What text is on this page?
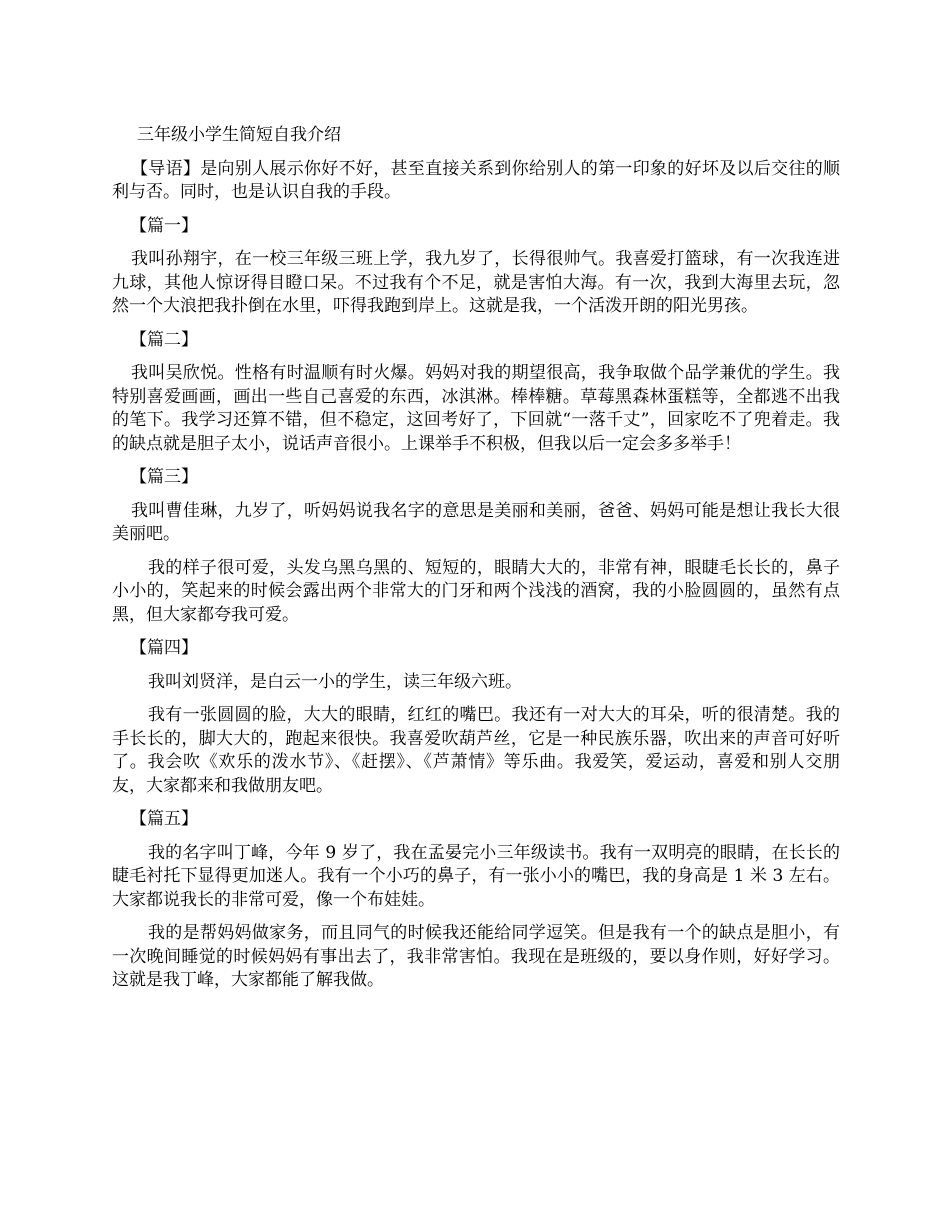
三年级小学生简短自我介绍

【导语】是向别人展示你好不好，甚至直接关系到你给别人的第一印象的好坏及以后交往的顺利与否。同时，也是认识自我的手段。

【篇一】

我叫孙翔宇，在一校三年级三班上学，我九岁了，长得很帅气。我喜爱打篮球，有一次我连进九球，其他人惊讶得目瞪口呆。不过我有个不足，就是害怕大海。有一次，我到大海里去玩，忽然一个大浪把我扑倒在水里，吓得我跑到岸上。这就是我，一个活泼开朗的阳光男孩。

【篇二】

我叫吴欣悦。性格有时温顺有时火爆。妈妈对我的期望很高，我争取做个品学兼优的学生。我特别喜爱画画，画出一些自己喜爱的东西，冰淇淋。棒棒糖。草莓黑森林蛋糕等，全都逃不出我的笔下。我学习还算不错，但不稳定，这回考好了，下回就“一落千丈”，回家吃不了兜着走。我的缺点就是胆子太小，说话声音很小。上课举手不积极，但我以后一定会多多举手！

【篇三】

我叫曹佳琳，九岁了，听妈妈说我名字的意思是美丽和美丽，爸爸、妈妈可能是想让我长大很美丽吧。

我的样子很可爱，头发乌黑乌黑的、短短的，眼睛大大的，非常有神，眼睫毛长长的，鼻子小小的，笑起来的时候会露出两个非常大的门牙和两个浅浅的酒窝，我的小脸圆圆的，虽然有点黑，但大家都夸我可爱。

【篇四】

我叫刘贤洋，是白云一小的学生，读三年级六班。

我有一张圆圆的脸，大大的眼睛，红红的嘴巴。我还有一对大大的耳朵，听的很清楚。我的手长长的，脚大大的，跑起来很快。我喜爱吹葫芦丝，它是一种民族乐器，吹出来的声音可好听了。我会吹《欢乐的泼水节》、《赶摆》、《芦萧情》等乐曲。我爱笑，爱运动，喜爱和别人交朋友，大家都来和我做朋友吧。

【篇五】

我的名字叫丁峰，今年 9 岁了，我在孟晏完小三年级读书。我有一双明亮的眼睛，在长长的睫毛衬托下显得更加迷人。我有一个小巧的鼻子，有一张小小的嘴巴，我的身高是 1 米 3 左右。大家都说我长的非常可爱，像一个布娃娃。

我的是帮妈妈做家务，而且同气的时候我还能给同学逗笑。但是我有一个的缺点是胆小，有一次晚间睡觉的时候妈妈有事出去了，我非常害怕。我现在是班级的，要以身作则，好好学习。这就是我丁峰，大家都能了解我做。
